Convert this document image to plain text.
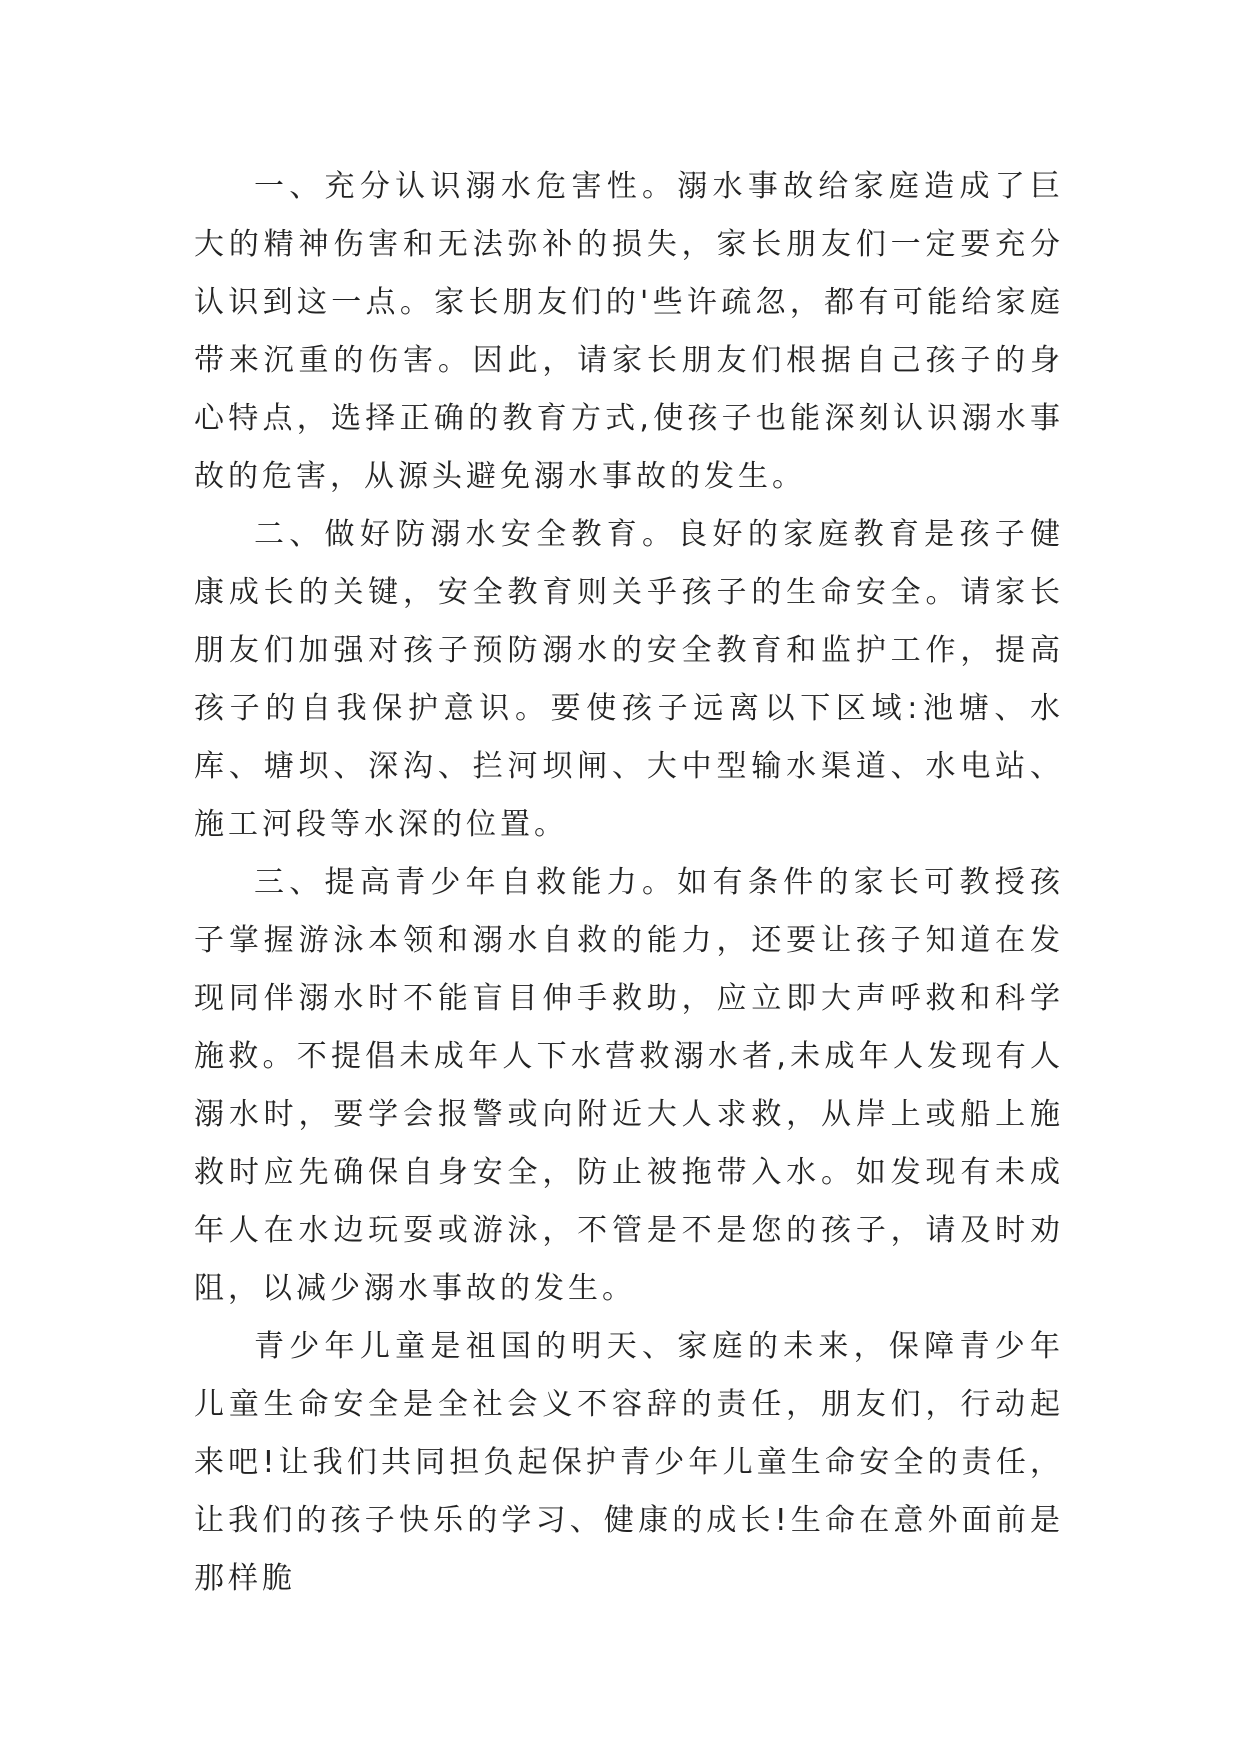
一、充分认识溺水危害性。溺水事故给家庭造成了巨大的精神伤害和无法弥补的损失，家长朋友们一定要充分认识到这一点。家长朋友们的'些许疏忽，都有可能给家庭带来沉重的伤害。因此，请家长朋友们根据自己孩子的身心特点，选择正确的教育方式,使孩子也能深刻认识溺水事故的危害，从源头避免溺水事故的发生。

二、做好防溺水安全教育。良好的家庭教育是孩子健康成长的关键，安全教育则关乎孩子的生命安全。请家长朋友们加强对孩子预防溺水的安全教育和监护工作，提高孩子的自我保护意识。要使孩子远离以下区域:池塘、水库、塘坝、深沟、拦河坝闸、大中型输水渠道、水电站、施工河段等水深的位置。

三、提高青少年自救能力。如有条件的家长可教授孩子掌握游泳本领和溺水自救的能力，还要让孩子知道在发现同伴溺水时不能盲目伸手救助，应立即大声呼救和科学施救。不提倡未成年人下水营救溺水者,未成年人发现有人溺水时，要学会报警或向附近大人求救，从岸上或船上施救时应先确保自身安全，防止被拖带入水。如发现有未成年人在水边玩耍或游泳，不管是不是您的孩子，请及时劝阻，以减少溺水事故的发生。

青少年儿童是祖国的明天、家庭的未来，保障青少年儿童生命安全是全社会义不容辞的责任，朋友们，行动起来吧!让我们共同担负起保护青少年儿童生命安全的责任，让我们的孩子快乐的学习、健康的成长!生命在意外面前是那样脆
